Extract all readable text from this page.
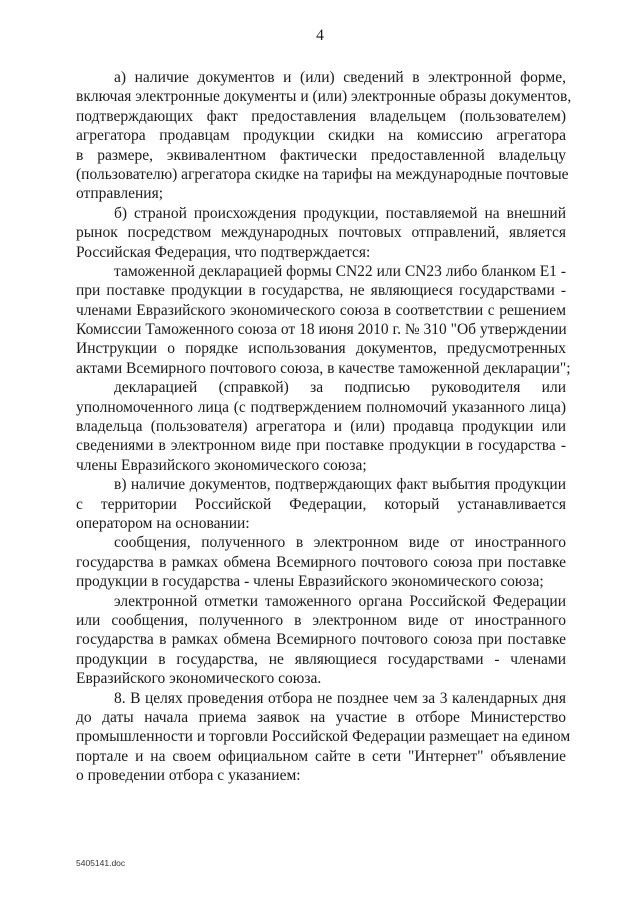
4
а) наличие документов и (или) сведений в электронной форме,
включая электронные документы и (или) электронные образы документов,
подтверждающих факт предоставления владельцем (пользователем)
агрегатора продавцам продукции скидки на комиссию агрегатора
в размере, эквивалентном фактически предоставленной владельцу
(пользователю) агрегатора скидке на тарифы на международные почтовые
отправления;
б) страной происхождения продукции, поставляемой на внешний
рынок посредством международных почтовых отправлений, является
Российская Федерация, что подтверждается:
таможенной декларацией формы CN22 или CN23 либо бланком Е1 -
при поставке продукции в государства, не являющиеся государствами -
членами Евразийского экономического союза в соответствии с решением
Комиссии Таможенного союза от 18 июня 2010 г. № 310 "Об утверждении
Инструкции о порядке использования документов, предусмотренных
актами Всемирного почтового союза, в качестве таможенной декларации";
декларацией (справкой) за подписью руководителя или
уполномоченного лица (с подтверждением полномочий указанного лица)
владельца (пользователя) агрегатора и (или) продавца продукции или
сведениями в электронном виде при поставке продукции в государства -
члены Евразийского экономического союза;
в) наличие документов, подтверждающих факт выбытия продукции
с территории Российской Федерации, который устанавливается
оператором на основании:
сообщения, полученного в электронном виде от иностранного
государства в рамках обмена Всемирного почтового союза при поставке
продукции в государства - члены Евразийского экономического союза;
электронной отметки таможенного органа Российской Федерации
или сообщения, полученного в электронном виде от иностранного
государства в рамках обмена Всемирного почтового союза при поставке
продукции в государства, не являющиеся государствами - членами
Евразийского экономического союза.
8. В целях проведения отбора не позднее чем за 3 календарных дня
до даты начала приема заявок на участие в отборе Министерство
промышленности и торговли Российской Федерации размещает на едином
портале и на своем официальном сайте в сети "Интернет" объявление
о проведении отбора с указанием:
5405141.doc
